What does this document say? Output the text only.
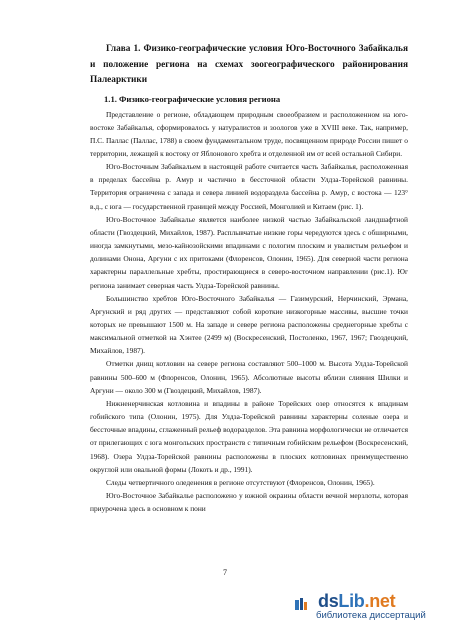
Глава 1. Физико-географические условия Юго-Восточного Забайкалья и положение региона на схемах зоогеографического районирования Палеарктики
1.1. Физико-географические условия региона

Представление о регионе, обладающем природным своеобразием и расположенном на юго-востоке Забайкалья, сформировалось у натуралистов и зоологов уже в XVIII веке. Так, например, П.С. Паллас (Паллас, 1788) в своем фундаментальном труде, посвященном природе России пишет о территории, лежащей к востоку от Яблонового хребта и отделенной им от всей остальной Сибири.

Юго-Восточным Забайкальем в настоящей работе считается часть Забайкалья, расположенная в пределах бассейна р. Амур и частично в бессточной области Улдза-Торейской равнины. Территория ограничена с запада и севера линией водораздела бассейна р. Амур, с востока — 123° в.д., с юга — государственной границей между Россией, Монголией и Китаем (рис. 1).

Юго-Восточное Забайкалье является наиболее низкой частью Забайкальской ландшафтной области (Гвоздецкий, Михайлов, 1987). Расплывчатые низкие горы чередуются здесь с обширными, иногда замкнутыми, мезо-кайнозойскими впадинами с пологим плоским и увалистым рельефом и долинами Онона, Аргуни с их притоками (Флоренсов, Олонин, 1965). Для северной части региона характерны параллельные хребты, простирающиеся в северо-восточном направлении (рис.1). Юг региона занимает северная часть Улдза-Торейской равнины.

Большинство хребтов Юго-Восточного Забайкалья — Газимурский, Нерчинский, Эрмана, Аргунский и ряд других — представляют собой короткие низкогорные массивы, высшие точки которых не превышают 1500 м. На западе и севере региона расположены среднегорные хребты с максимальной отметкой на Хэнтее (2499 м) (Воскресенский, Постоленко, 1967, 1967; Гвоздецкий, Михайлов, 1987).

Отметки днищ котловин на севере региона составляют 500–1000 м. Высота Улдза-Торейской равнины 500–600 м (Флоренсов, Олонин, 1965). Абсолютные высоты вблизи слияния Шилки и Аргуни — около 300 м (Гвоздецкий, Михайлов, 1987).

Нижненерчинская котловина и впадины в районе Торейских озер относятся к впадинам гобийского типа (Олонин, 1975). Для Улдза-Торейской равнины характерны соленые озера и бессточные впадины, сглаженный рельеф водоразделов. Эта равнина морфологически не отличается от прилегающих с юга монгольских пространств с типичным гобийским рельефом (Воскресенский, 1968). Озера Улдза-Торейской равнины расположены в плоских котловинах преимущественно округлой или овальной формы (Локоть и др., 1991).

Следы четвертичного оледенения в регионе отсутствуют (Флоренсов, Олонин, 1965).

Юго-Восточное Забайкалье расположено у южной окраины области вечной мерзлоты, которая приурочена здесь в основном к пони

7
dsLib.net
библиотека диссертаций
